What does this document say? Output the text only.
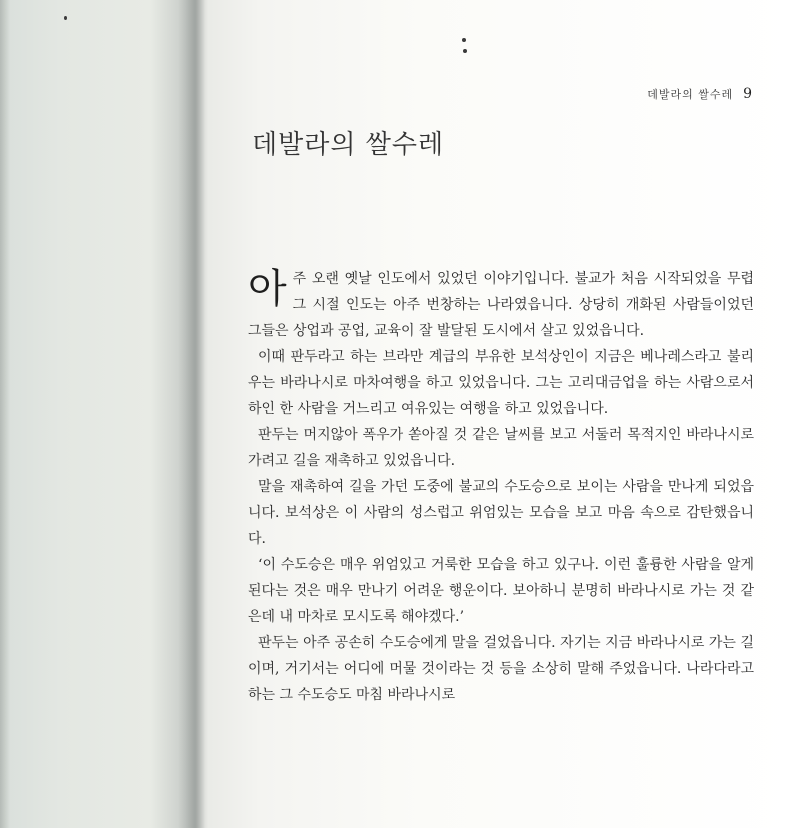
데발라의 쌀수레 9
데발라의 쌀수레

아주 오랜 옛날 인도에서 있었던 이야기입니다. 불교가 처음 시작되었을 무렵 그 시절 인도는 아주 번창하는 나라였읍니다. 상당히 개화된 사람들이었던 그들은 상업과 공업, 교육이 잘 발달된 도시에서 살고 있었읍니다.

이때 판두라고 하는 브라만 계급의 부유한 보석상인이 지금은 베나레스라고 불리우는 바라나시로 마차여행을 하고 있었읍니다. 그는 고리대금업을 하는 사람으로서 하인 한 사람을 거느리고 여유있는 여행을 하고 있었읍니다.

판두는 머지않아 폭우가 쏟아질 것 같은 날씨를 보고 서둘러 목적지인 바라나시로 가려고 길을 재촉하고 있었읍니다.

말을 재촉하여 길을 가던 도중에 불교의 수도승으로 보이는 사람을 만나게 되었읍니다. 보석상은 이 사람의 성스럽고 위엄있는 모습을 보고 마음 속으로 감탄했읍니다.

‘이 수도승은 매우 위엄있고 거룩한 모습을 하고 있구나. 이런 훌륭한 사람을 알게 된다는 것은 매우 만나기 어려운 행운이다. 보아하니 분명히 바라나시로 가는 것 같은데 내 마차로 모시도록 해야겠다.’

판두는 아주 공손히 수도승에게 말을 걸었읍니다. 자기는 지금 바라나시로 가는 길이며, 거기서는 어디에 머물 것이라는 것 등을 소상히 말해 주었읍니다. 나라다라고 하는 그 수도승도 마침 바라나시로
